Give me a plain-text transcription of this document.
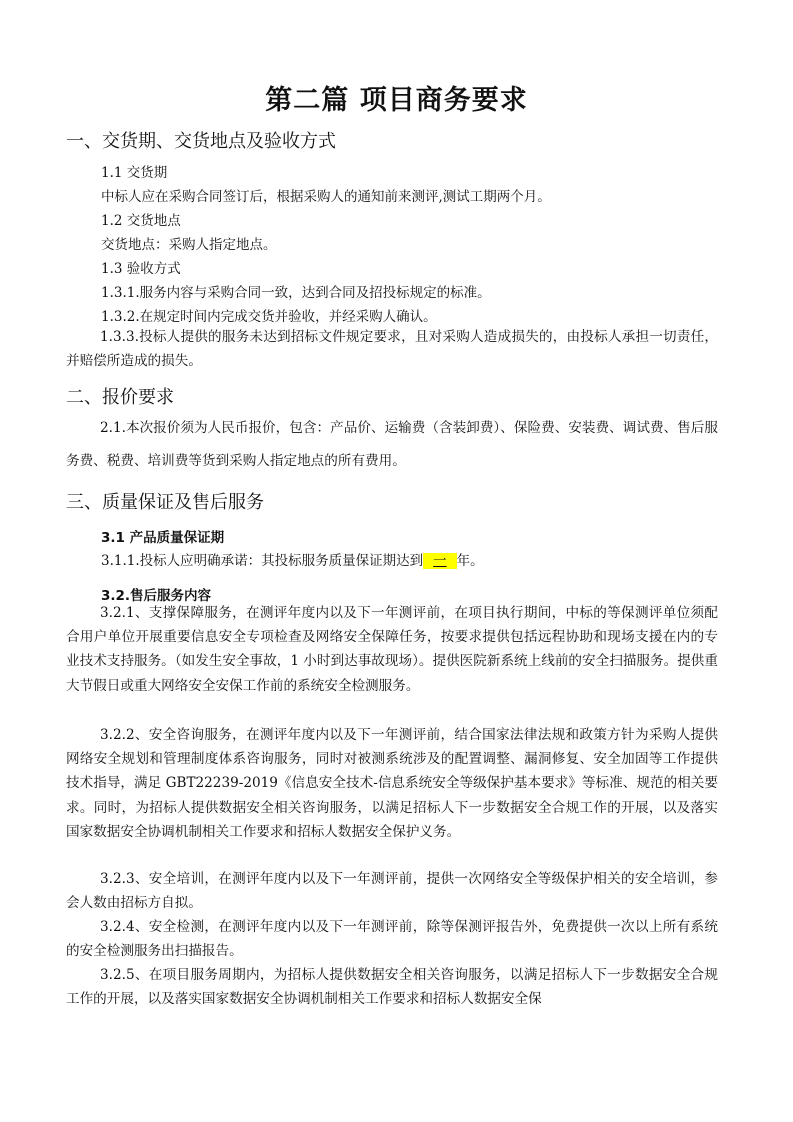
第二篇 项目商务要求
一、交货期、交货地点及验收方式

1.1 交货期

中标人应在采购合同签订后，根据采购人的通知前来测评,测试工期两个月。

1.2 交货地点

交货地点：采购人指定地点。

1.3 验收方式

1.3.1.服务内容与采购合同一致，达到合同及招投标规定的标准。

1.3.2.在规定时间内完成交货并验收，并经采购人确认。

1.3.3.投标人提供的服务未达到招标文件规定要求，且对采购人造成损失的，由投标人承担一切责任，并赔偿所造成的损失。

二、报价要求

2.1.本次报价须为人民币报价，包含：产品价、运输费（含装卸费）、保险费、安装费、调试费、售后服务费、税费、培训费等货到采购人指定地点的所有费用。

三、质量保证及售后服务

3.1 产品质量保证期

3.1.1.投标人应明确承诺：其投标服务质量保证期达到 一 年。

3.2.售后服务内容

3.2.1、支撑保障服务，在测评年度内以及下一年测评前，在项目执行期间，中标的等保测评单位须配合用户单位开展重要信息安全专项检查及网络安全保障任务，按要求提供包括远程协助和现场支援在内的专业技术支持服务。（如发生安全事故，1 小时到达事故现场）。提供医院新系统上线前的安全扫描服务。提供重大节假日或重大网络安全安保工作前的系统安全检测服务。

3.2.2、安全咨询服务，在测评年度内以及下一年测评前，结合国家法律法规和政策方针为采购人提供网络安全规划和管理制度体系咨询服务，同时对被测系统涉及的配置调整、漏洞修复、安全加固等工作提供技术指导，满足 GBT22239-2019《信息安全技术-信息系统安全等级保护基本要求》等标准、规范的相关要求。同时，为招标人提供数据安全相关咨询服务，以满足招标人下一步数据安全合规工作的开展，以及落实国家数据安全协调机制相关工作要求和招标人数据安全保护义务。

3.2.3、安全培训，在测评年度内以及下一年测评前，提供一次网络安全等级保护相关的安全培训，参会人数由招标方自拟。

3.2.4、安全检测，在测评年度内以及下一年测评前，除等保测评报告外，免费提供一次以上所有系统的安全检测服务出扫描报告。

3.2.5、在项目服务周期内，为招标人提供数据安全相关咨询服务，以满足招标人下一步数据安全合规工作的开展，以及落实国家数据安全协调机制相关工作要求和招标人数据安全保
